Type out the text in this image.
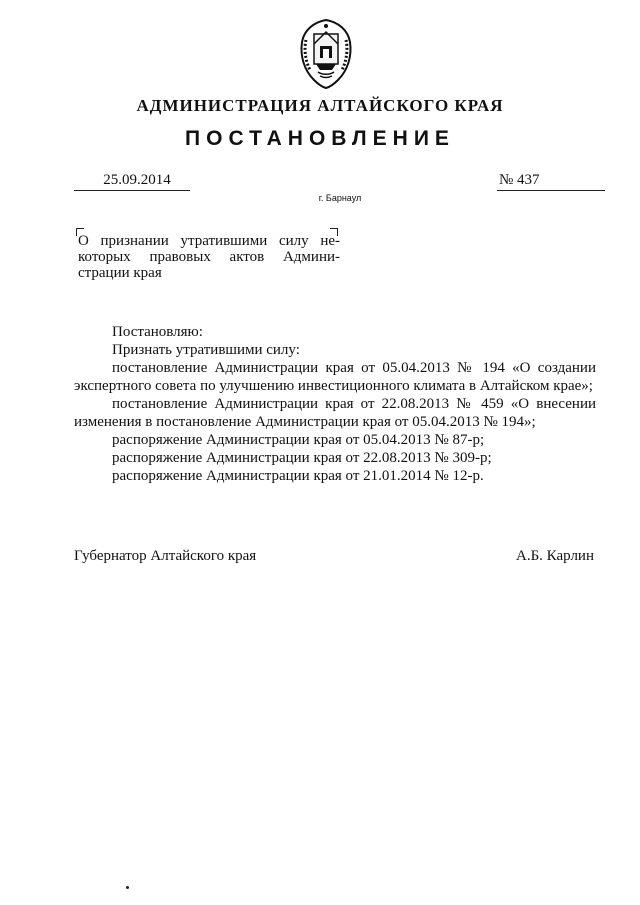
АДМИНИСТРАЦИЯ АЛТАЙСКОГО КРАЯ
ПОСТАНОВЛЕНИЕ
25.09.2014	№ 437
г. Барнаул
О признании утратившими силу не-
которых правовых актов Админи-
страции края

Постановляю:

Признать утратившими силу:

постановление Администрации края от 05.04.2013 № 194 «О создании экспертного совета по улучшению инвестиционного климата в Алтайском крае»;

постановление Администрации края от 22.08.2013 № 459 «О внесении изменения в постановление Администрации края от 05.04.2013 № 194»;

распоряжение Администрации края от 05.04.2013 № 87-р;

распоряжение Администрации края от 22.08.2013 № 309-р;

распоряжение Администрации края от 21.01.2014 № 12-р.

Губернатор Алтайского края	А.Б. Карлин
